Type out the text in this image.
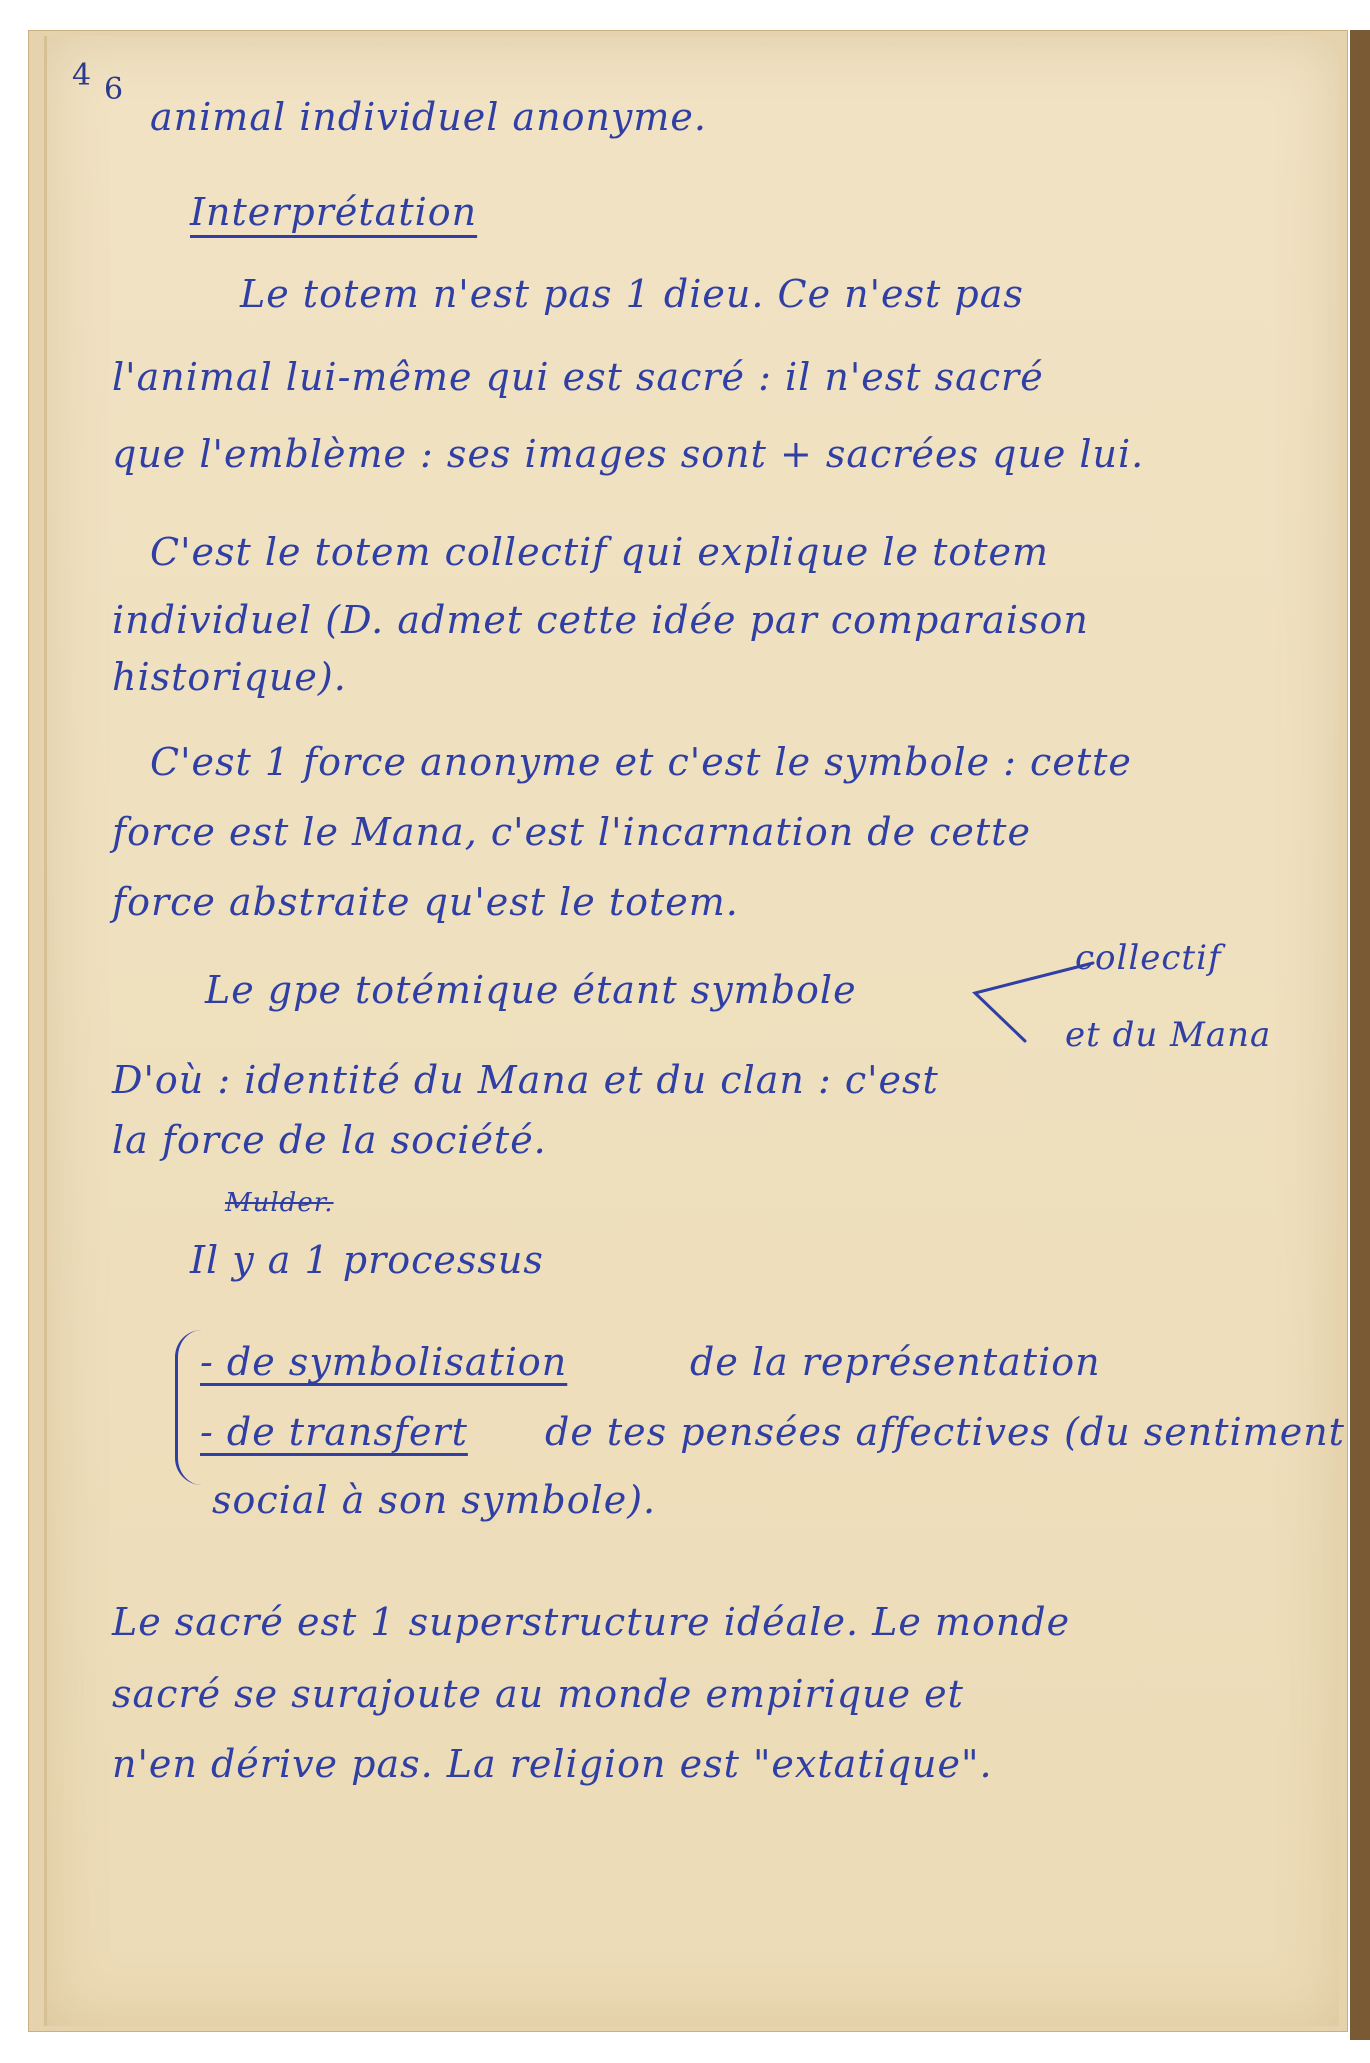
4 6

animal individuel anonyme.

Interprétation

Le totem n'est pas 1 dieu. Ce n'est pas

l'animal lui-même qui est sacré : il n'est sacré

que l'emblème : ses images sont + sacrées que lui.

C'est le totem collectif qui explique le totem

individuel (D. admet cette idée par comparaison

historique).

C'est 1 force anonyme et c'est le symbole : cette

force est le Mana, c'est l'incarnation de cette

force abstraite qu'est le totem.

Le gpe totémique étant symbole

collectif

et du Mana

D'où : identité du Mana et du clan : c'est

la force de la société.

Mulder.

Il y a 1 processus

- de symbolisation	de la représentation

- de transfert de tes pensées affectives (du sentiment

social à son symbole).

Le sacré est 1 superstructure idéale. Le monde

sacré se surajoute au monde empirique et

n'en dérive pas. La religion est "extatique".
